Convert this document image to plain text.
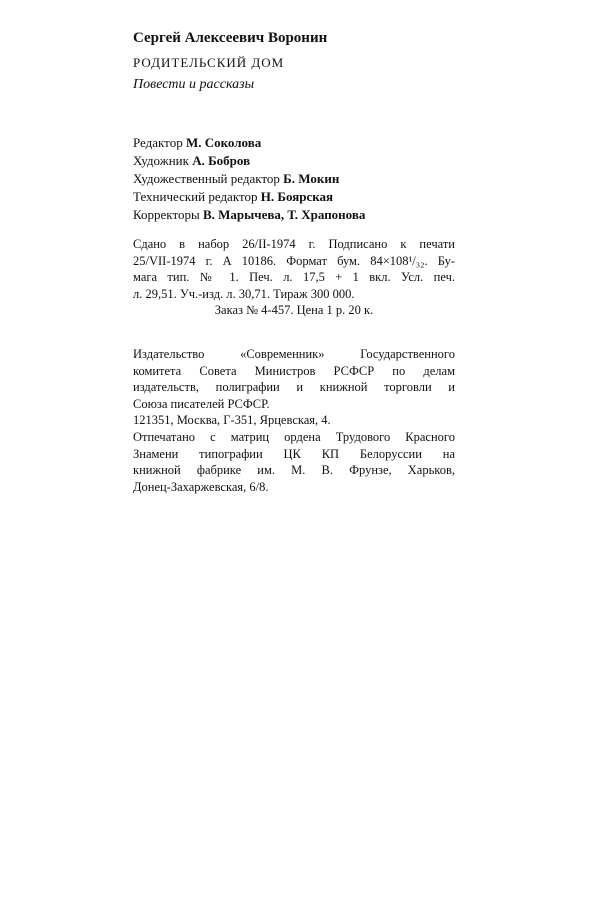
Сергей Алексеевич Воронин
РОДИТЕЛЬСКИЙ ДОМ
Повести и рассказы
Редактор М. Соколова
Художник А. Бобров
Художественный редактор Б. Мокин
Технический редактор Н. Боярская
Корректоры В. Марычева, Т. Храпонова
Сдано в набор 26/II-1974 г. Подписано к печати
25/VII-1974 г. А 10186. Формат бум. 84×108¹/₃₂. Бу-
мага тип. № 1. Печ. л. 17,5 + 1 вкл. Усл. печ.
л. 29,51. Уч.-изд. л. 30,71. Тираж 300 000.
Заказ № 4-457. Цена 1 р. 20 к.
Издательство «Современник» Государственного
комитета Совета Министров РСФСР по делам
издательств, полиграфии и книжной торговли и
Союза писателей РСФСР.
121351, Москва, Г-351, Ярцевская, 4.
Отпечатано с матриц ордена Трудового Красного
Знамени типографии ЦК КП Белоруссии на
книжной фабрике им. М. В. Фрунзе, Харьков,
Донец-Захаржевская, 6/8.
